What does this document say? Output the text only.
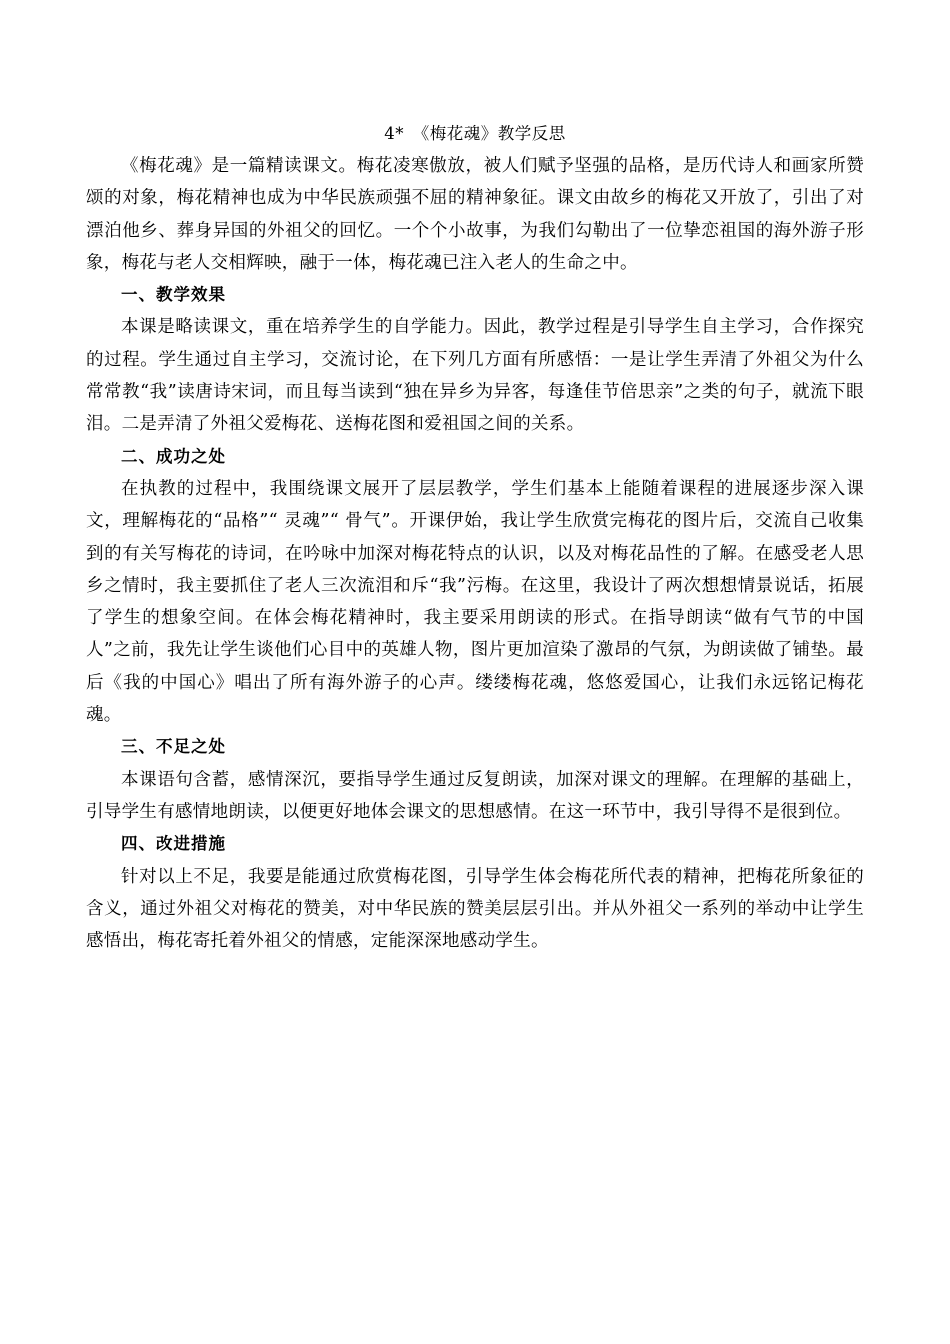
4*　《梅花魂》教学反思

《梅花魂》是一篇精读课文。梅花凌寒傲放，被人们赋予坚强的品格，是历代诗人和画家所赞颂的对象，梅花精神也成为中华民族顽强不屈的精神象征。课文由故乡的梅花又开放了，引出了对漂泊他乡、葬身异国的外祖父的回忆。一个个小故事，为我们勾勒出了一位挚恋祖国的海外游子形象，梅花与老人交相辉映，融于一体，梅花魂已注入老人的生命之中。

一、教学效果

本课是略读课文，重在培养学生的自学能力。因此，教学过程是引导学生自主学习，合作探究的过程。学生通过自主学习，交流讨论，在下列几方面有所感悟：一是让学生弄清了外祖父为什么常常教“我”读唐诗宋词，而且每当读到“独在异乡为异客，每逢佳节倍思亲”之类的句子，就流下眼泪。二是弄清了外祖父爱梅花、送梅花图和爱祖国之间的关系。

二、成功之处

在执教的过程中，我围绕课文展开了层层教学，学生们基本上能随着课程的进展逐步深入课文，理解梅花的“品格”“ 灵魂”“ 骨气”。开课伊始，我让学生欣赏完梅花的图片后，交流自己收集到的有关写梅花的诗词，在吟咏中加深对梅花特点的认识，以及对梅花品性的了解。在感受老人思乡之情时，我主要抓住了老人三次流泪和斥“我”污梅。在这里，我设计了两次想想情景说话，拓展了学生的想象空间。在体会梅花精神时，我主要采用朗读的形式。在指导朗读“做有气节的中国人”之前，我先让学生谈他们心目中的英雄人物，图片更加渲染了激昂的气氛，为朗读做了铺垫。最后《我的中国心》唱出了所有海外游子的心声。缕缕梅花魂，悠悠爱国心，让我们永远铭记梅花魂。

三、不足之处

本课语句含蓄，感情深沉，要指导学生通过反复朗读，加深对课文的理解。在理解的基础上，引导学生有感情地朗读，以便更好地体会课文的思想感情。在这一环节中，我引导得不是很到位。

四、改进措施

针对以上不足，我要是能通过欣赏梅花图，引导学生体会梅花所代表的精神，把梅花所象征的含义，通过外祖父对梅花的赞美，对中华民族的赞美层层引出。并从外祖父一系列的举动中让学生感悟出，梅花寄托着外祖父的情感，定能深深地感动学生。
